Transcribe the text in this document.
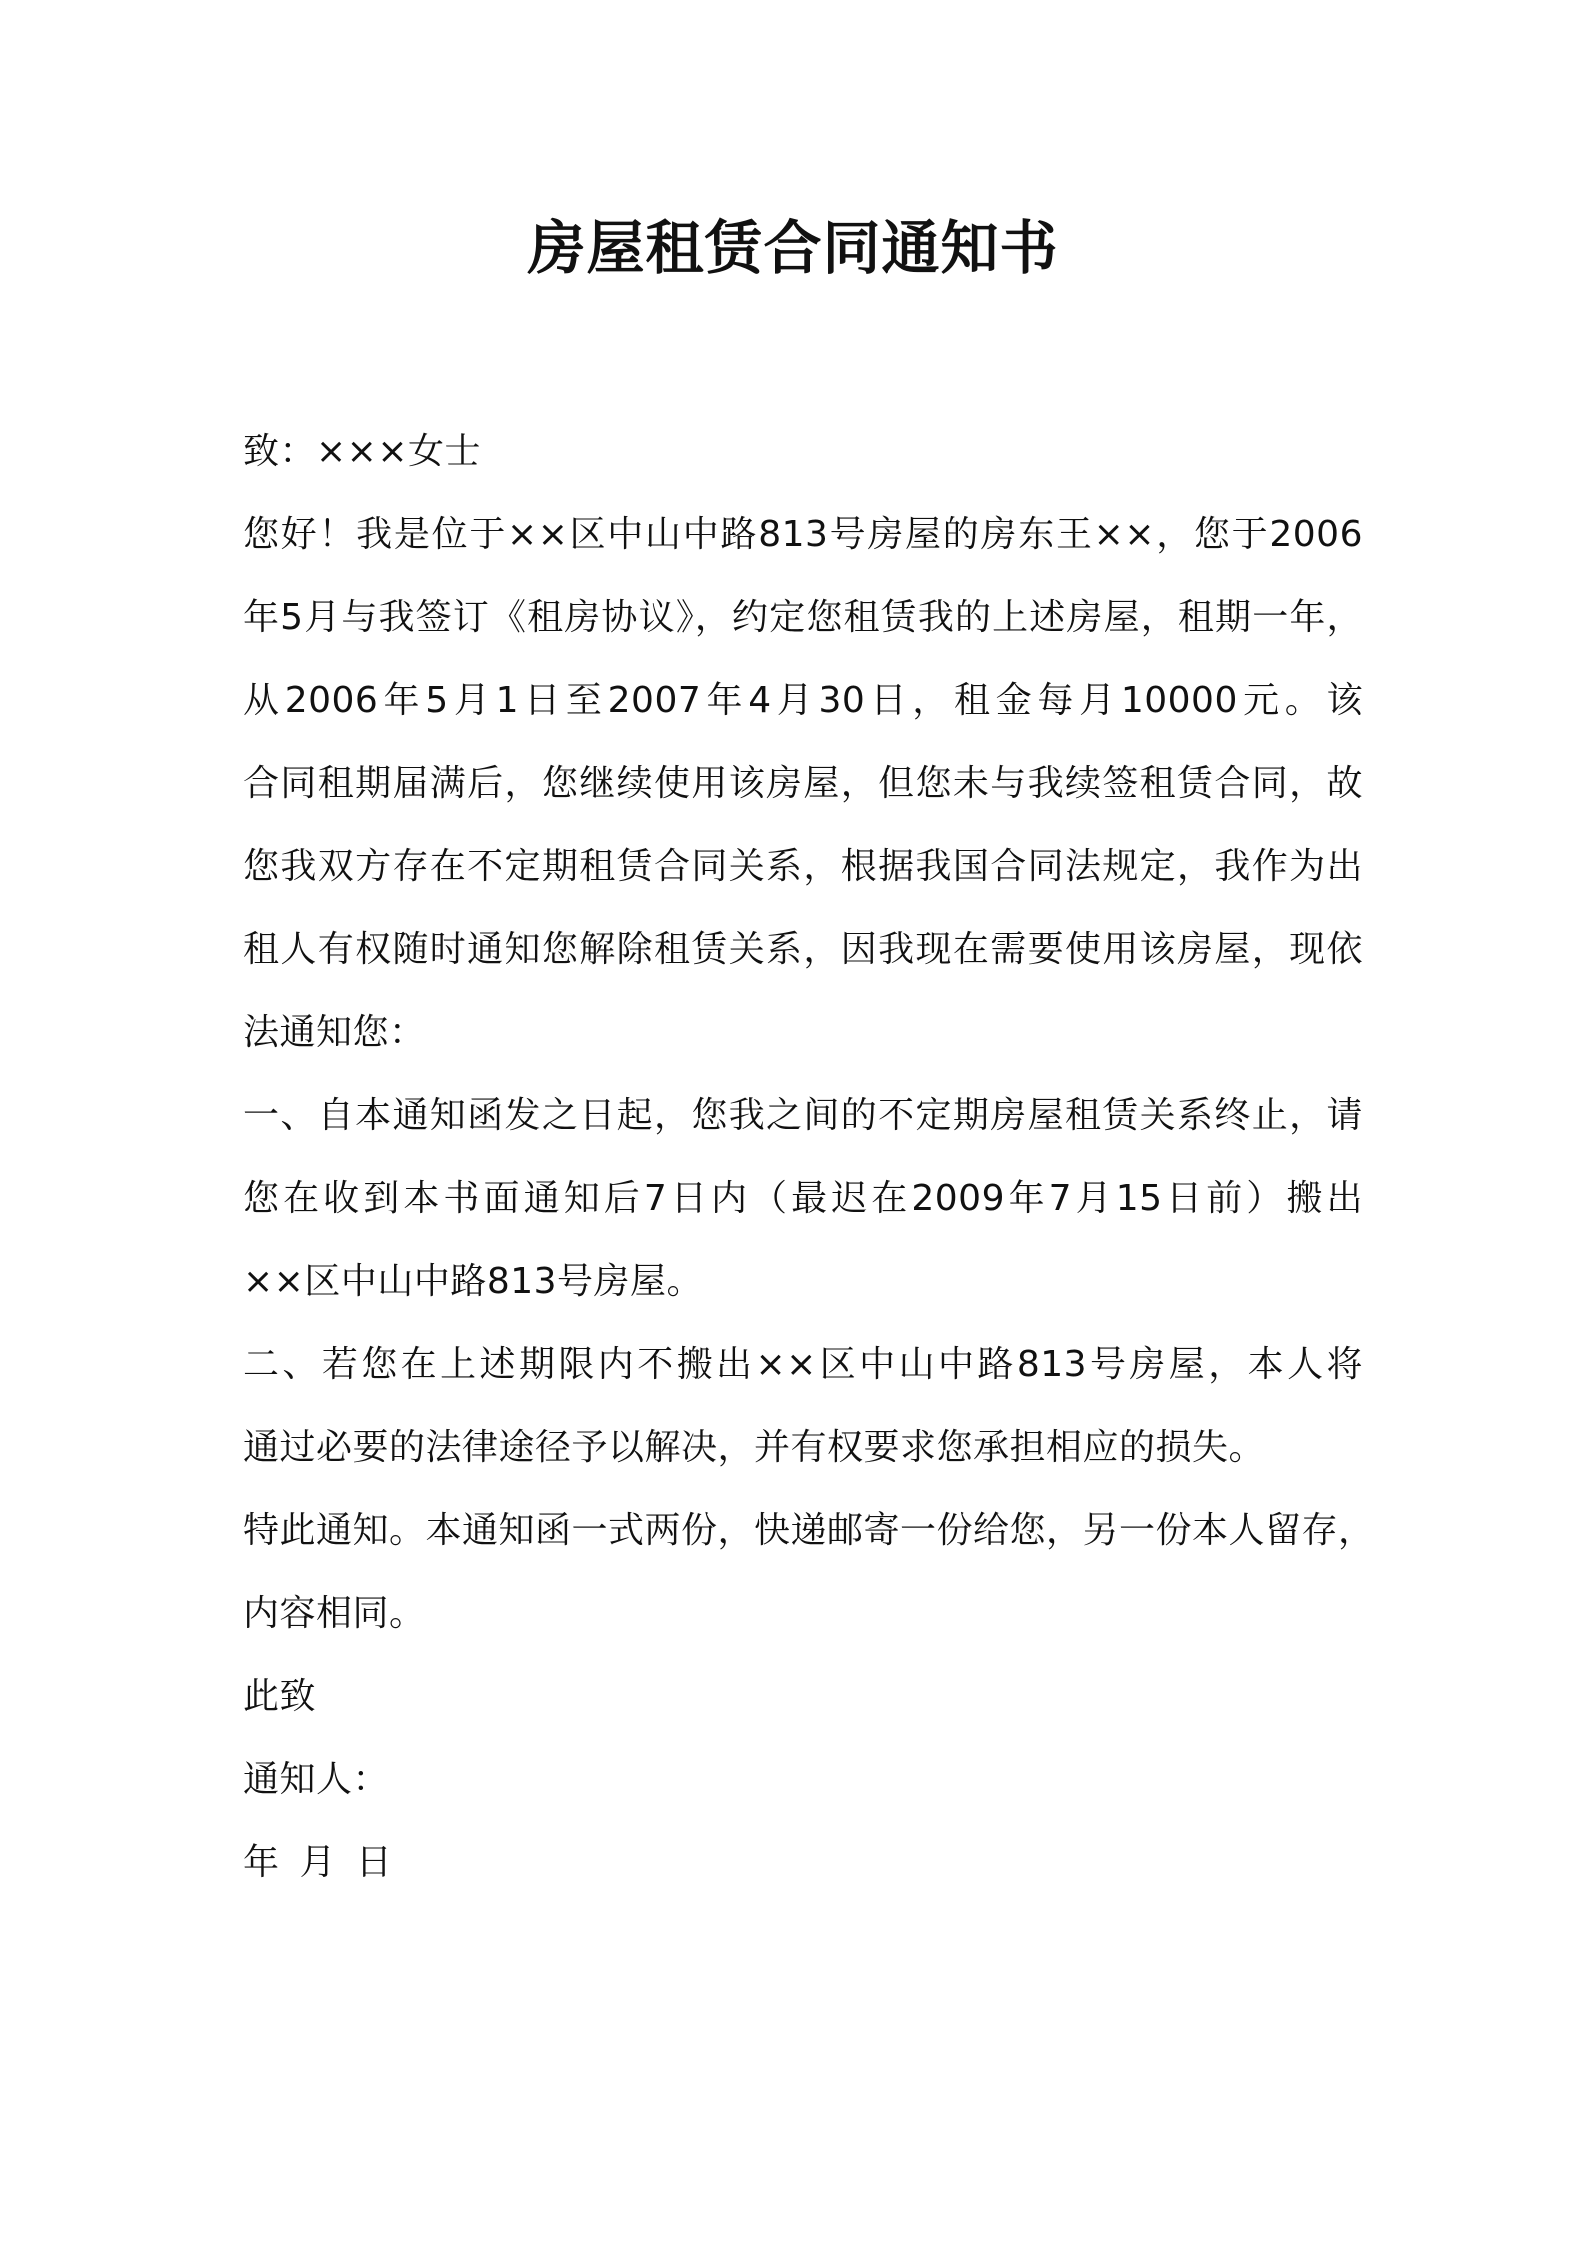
房屋租赁合同通知书
致：×××女士
您好！我是位于××区中山中路813号房屋的房东王××，您于2006
年5月与我签订《租房协议》，约定您租赁我的上述房屋，租期一年，
从2006年5月1日至2007年4月30日，租金每月10000元。该
合同租期届满后，您继续使用该房屋，但您未与我续签租赁合同，故
您我双方存在不定期租赁合同关系，根据我国合同法规定，我作为出
租人有权随时通知您解除租赁关系，因我现在需要使用该房屋，现依
法通知您：
一、自本通知函发之日起，您我之间的不定期房屋租赁关系终止，请
您在收到本书面通知后7日内（最迟在2009年7月15日前）搬出
××区中山中路813号房屋。
二、若您在上述期限内不搬出××区中山中路813号房屋，本人将
通过必要的法律途径予以解决，并有权要求您承担相应的损失。
特此通知。本通知函一式两份，快递邮寄一份给您，另一份本人留存，
内容相同。
此致
通知人：
年 月 日
